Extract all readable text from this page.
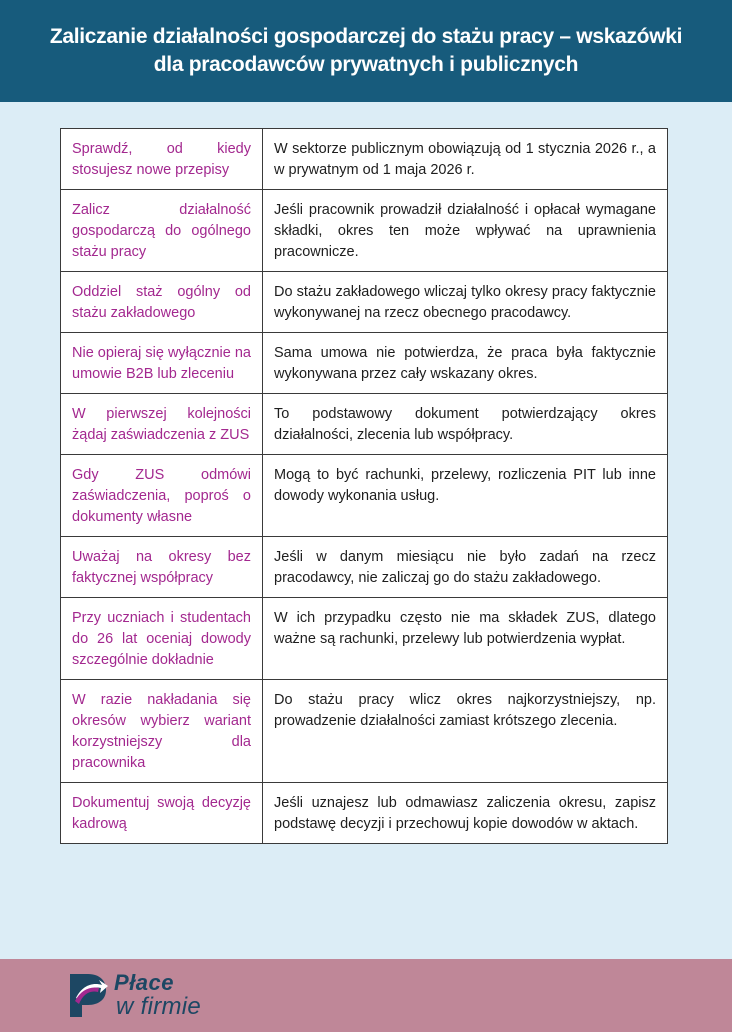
Zaliczanie działalności gospodarczej do stażu pracy – wskazówki dla pracodawców prywatnych i publicznych
Sprawdź, od kiedy stosujesz nowe przepisy	W sektorze publicznym obowiązują od 1 stycznia 2026 r., a w prywatnym od 1 maja 2026 r.
Zalicz działalność gospodarczą do ogólnego stażu pracy	Jeśli pracownik prowadził działalność i opłacał wymagane składki, okres ten może wpływać na uprawnienia pracownicze.
Oddziel staż ogólny od stażu zakładowego	Do stażu zakładowego wliczaj tylko okresy pracy faktycznie wykonywanej na rzecz obecnego pracodawcy.
Nie opieraj się wyłącznie na umowie B2B lub zleceniu	Sama umowa nie potwierdza, że praca była faktycznie wykonywana przez cały wskazany okres.
W pierwszej kolejności żądaj zaświadczenia z ZUS	To podstawowy dokument potwierdzający okres działalności, zlecenia lub współpracy.
Gdy ZUS odmówi zaświadczenia, poproś o dokumenty własne	Mogą to być rachunki, przelewy, rozliczenia PIT lub inne dowody wykonania usług.
Uważaj na okresy bez faktycznej współpracy	Jeśli w danym miesiącu nie było zadań na rzecz pracodawcy, nie zaliczaj go do stażu zakładowego.
Przy uczniach i studentach do 26 lat oceniaj dowody szczególnie dokładnie	W ich przypadku często nie ma składek ZUS, dlatego ważne są rachunki, przelewy lub potwierdzenia wypłat.
W razie nakładania się okresów wybierz wariant korzystniejszy dla pracownika	Do stażu pracy wlicz okres najkorzystniejszy, np. prowadzenie działalności zamiast krótszego zlecenia.
Dokumentuj swoją decyzję kadrową	Jeśli uznajesz lub odmawiasz zaliczenia okresu, zapisz podstawę decyzji i przechowuj kopie dowodów w aktach.
Płace
w firmie
